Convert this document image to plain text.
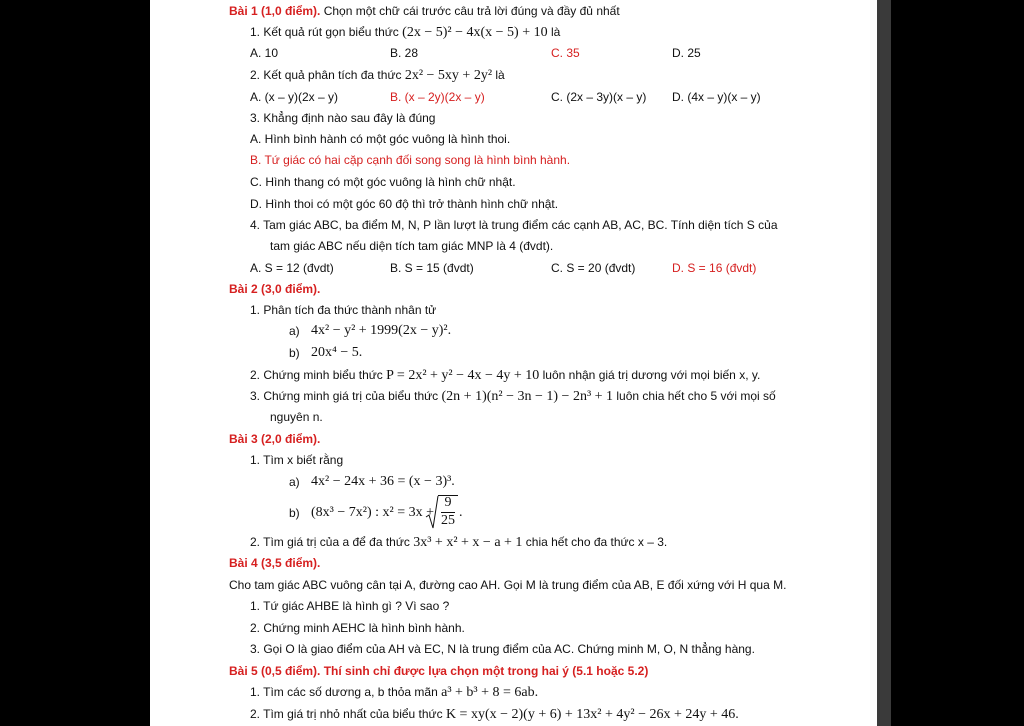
Bài 1 (1,0 điểm). Chọn một chữ cái trước câu trả lời đúng và đầy đủ nhất
1. Kết quả rút gọn biểu thức (2x − 5)² − 4x(x − 5) + 10 là
A. 10	B. 28	C. 35	D. 25
2. Kết quả phân tích đa thức 2x² − 5xy + 2y² là
A. (x – y)(2x – y)	B. (x – 2y)(2x – y)	C. (2x – 3y)(x – y) D. (4x – y)(x – y)
3. Khẳng định nào sau đây là đúng
A. Hình bình hành có một góc vuông là hình thoi.
B. Tứ giác có hai cặp cạnh đối song song là hình bình hành.
C. Hình thang có một góc vuông là hình chữ nhật.
D. Hình thoi có một góc 60 độ thì trở thành hình chữ nhật.
4. Tam giác ABC, ba điểm M, N, P lần lượt là trung điểm các cạnh AB, AC, BC. Tính diện tích S của
tam giác ABC nếu diện tích tam giác MNP là 4 (đvdt).
A. S = 12 (đvdt)	B. S = 15 (đvdt)	C. S = 20 (đvdt)	D. S = 16 (đvdt)
Bài 2 (3,0 điểm).
1. Phân tích đa thức thành nhân tử
a) 4x² − y² + 1999(2x − y)².
b) 20x⁴ − 5.
2. Chứng minh biểu thức P = 2x² + y² − 4x − 4y + 10 luôn nhận giá trị dương với mọi biến x, y.
3. Chứng minh giá trị của biểu thức (2n + 1)(n² − 3n − 1) − 2n³ + 1 luôn chia hết cho 5 với mọi số
nguyên n.
Bài 3 (2,0 điểm).
1. Tìm x biết rằng
a) 4x² − 24x + 36 = (x − 3)³.
b) (8x³ − 7x²) : x² = 3x +
9
25
.
2. Tìm giá trị của a để đa thức 3x³ + x² + x − a + 1 chia hết cho đa thức x – 3.
Bài 4 (3,5 điểm).
Cho tam giác ABC vuông cân tại A, đường cao AH. Gọi M là trung điểm của AB, E đối xứng với H qua M.
1. Tứ giác AHBE là hình gì ? Vì sao ?
2. Chứng minh AEHC là hình bình hành.
3. Gọi O là giao điểm của AH và EC, N là trung điểm của AC. Chứng minh M, O, N thẳng hàng.
Bài 5 (0,5 điểm). Thí sinh chỉ được lựa chọn một trong hai ý (5.1 hoặc 5.2)
1. Tìm các số dương a, b thỏa mãn a³ + b³ + 8 = 6ab.
2. Tìm giá trị nhỏ nhất của biểu thức K = xy(x − 2)(y + 6) + 13x² + 4y² − 26x + 24y + 46.
